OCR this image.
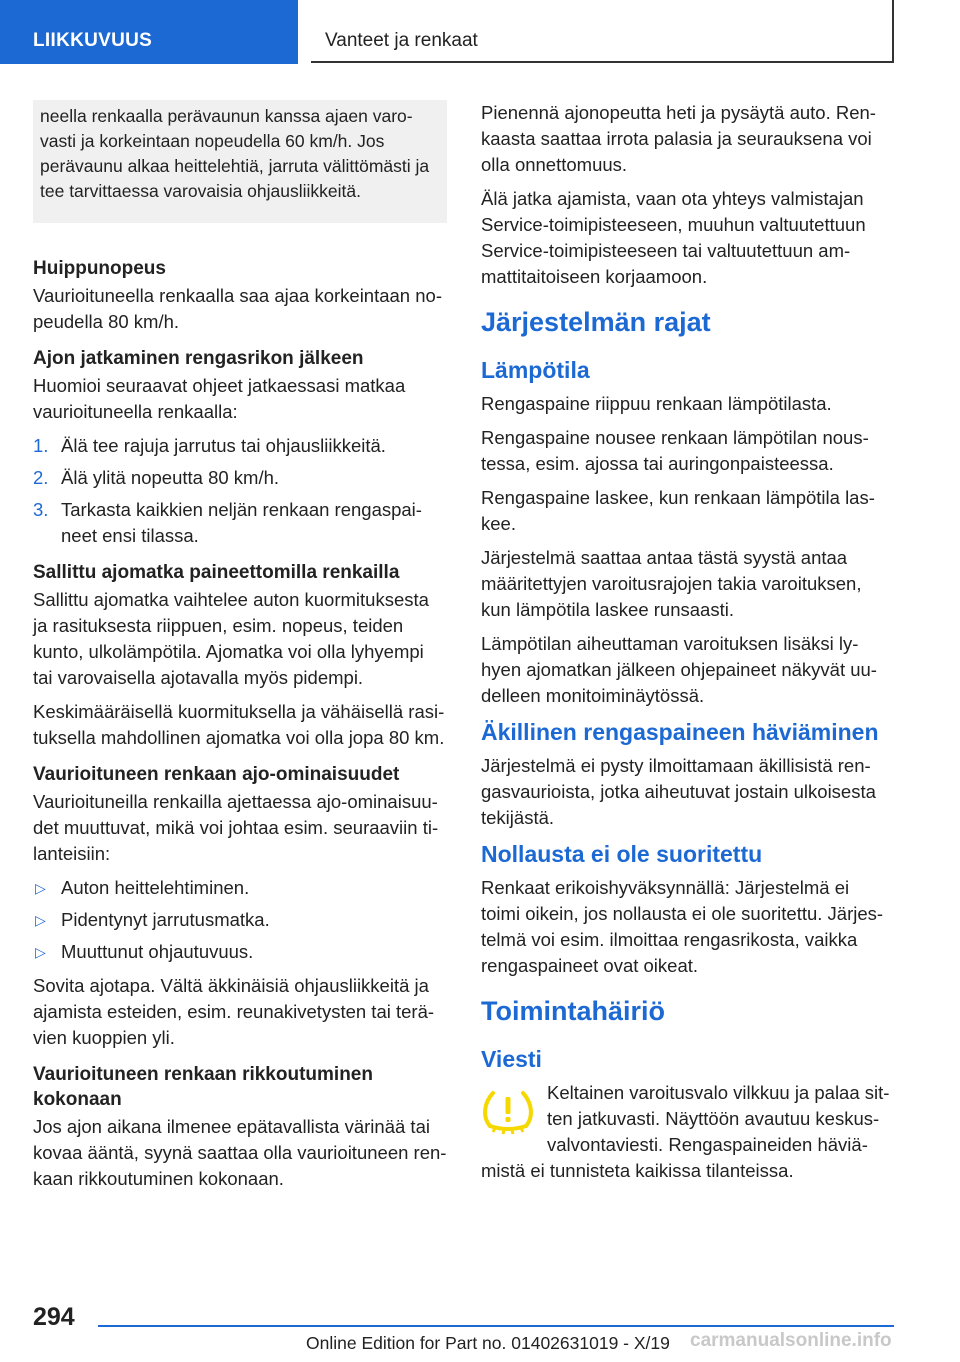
LIIKKUVUUS	Vanteet ja renkaat
neella renkaalla perävaunun kanssa ajaen varo-vasti ja korkeintaan nopeudella 60 km/h. Jos perävaunu alkaa heittelehtiä, jarruta välittömästi ja tee tarvittaessa varovaisia ohjausliikkeitä.
Huippunopeus

Vaurioituneella renkaalla saa ajaa korkeintaan no-peudella 80 km/h.

Ajon jatkaminen rengasrikon jälkeen

Huomioi seuraavat ohjeet jatkaessasi matkaa vaurioituneella renkaalla:

1. Älä tee rajuja jarrutus tai ohjausliikkeitä.
2. Älä ylitä nopeutta 80 km/h.
3. Tarkasta kaikkien neljän renkaan rengaspai-neet ensi tilassa.
Sallittu ajomatka paineettomilla renkailla

Sallittu ajomatka vaihtelee auton kuormituksesta ja rasituksesta riippuen, esim. nopeus, teiden kunto, ulkolämpötila. Ajomatka voi olla lyhyempi tai varovaisella ajotavalla myös pidempi.

Keskimääräisellä kuormituksella ja vähäisellä rasi-tuksella mahdollinen ajomatka voi olla jopa 80 km.

Vaurioituneen renkaan ajo-ominaisuudet

Vaurioituneilla renkailla ajettaessa ajo-ominaisuu-det muuttuvat, mikä voi johtaa esim. seuraaviin ti-lanteisiin:

▷ Auton heittelehtiminen.
▷ Pidentynyt jarrutusmatka.
▷ Muuttunut ohjautuvuus.

Sovita ajotapa. Vältä äkkinäisiä ohjausliikkeitä ja ajamista esteiden, esim. reunakivetysten tai terä-vien kuoppien yli.

Vaurioituneen renkaan rikkoutuminen kokonaan

Jos ajon aikana ilmenee epätavallista värinää tai kovaa ääntä, syynä saattaa olla vaurioituneen ren-kaan rikkoutuminen kokonaan.

Pienennä ajonopeutta heti ja pysäytä auto. Ren-kaasta saattaa irrota palasia ja seurauksena voi olla onnettomuus.

Älä jatka ajamista, vaan ota yhteys valmistajan Service-toimipisteeseen, muuhun valtuutettuun Service-toimipisteeseen tai valtuutettuun am-mattitaitoiseen korjaamoon.

Järjestelmän rajat
Lämpötila

Rengaspaine riippuu renkaan lämpötilasta.

Rengaspaine nousee renkaan lämpötilan nous-tessa, esim. ajossa tai auringonpaisteessa.

Rengaspaine laskee, kun renkaan lämpötila las-kee.

Järjestelmä saattaa antaa tästä syystä antaa määritettyjen varoitusrajojen takia varoituksen, kun lämpötila laskee runsaasti.

Lämpötilan aiheuttaman varoituksen lisäksi ly-hyen ajomatkan jälkeen ohjepaineet näkyvät uu-delleen monitoiminäytössä.

Äkillinen rengaspaineen häviäminen

Järjestelmä ei pysty ilmoittamaan äkillisistä ren-gasvaurioista, jotka aiheutuvat jostain ulkoisesta tekijästä.

Nollausta ei ole suoritettu

Renkaat erikoishyväksynnällä: Järjestelmä ei toimi oikein, jos nollausta ei ole suoritettu. Järjes-telmä voi esim. ilmoittaa rengasrikosta, vaikka rengaspaineet ovat oikeat.

Toimintahäiriö
Viesti
Keltainen varoitusvalo vilkkuu ja palaa sit-ten jatkuvasti. Näyttöön avautuu keskus-valvontaviesti. Rengaspaineiden häviä-
mistä ei tunnisteta kaikissa tilanteissa.
294
Online Edition for Part no. 01402631019 - X/19 carmanualsonline.info
